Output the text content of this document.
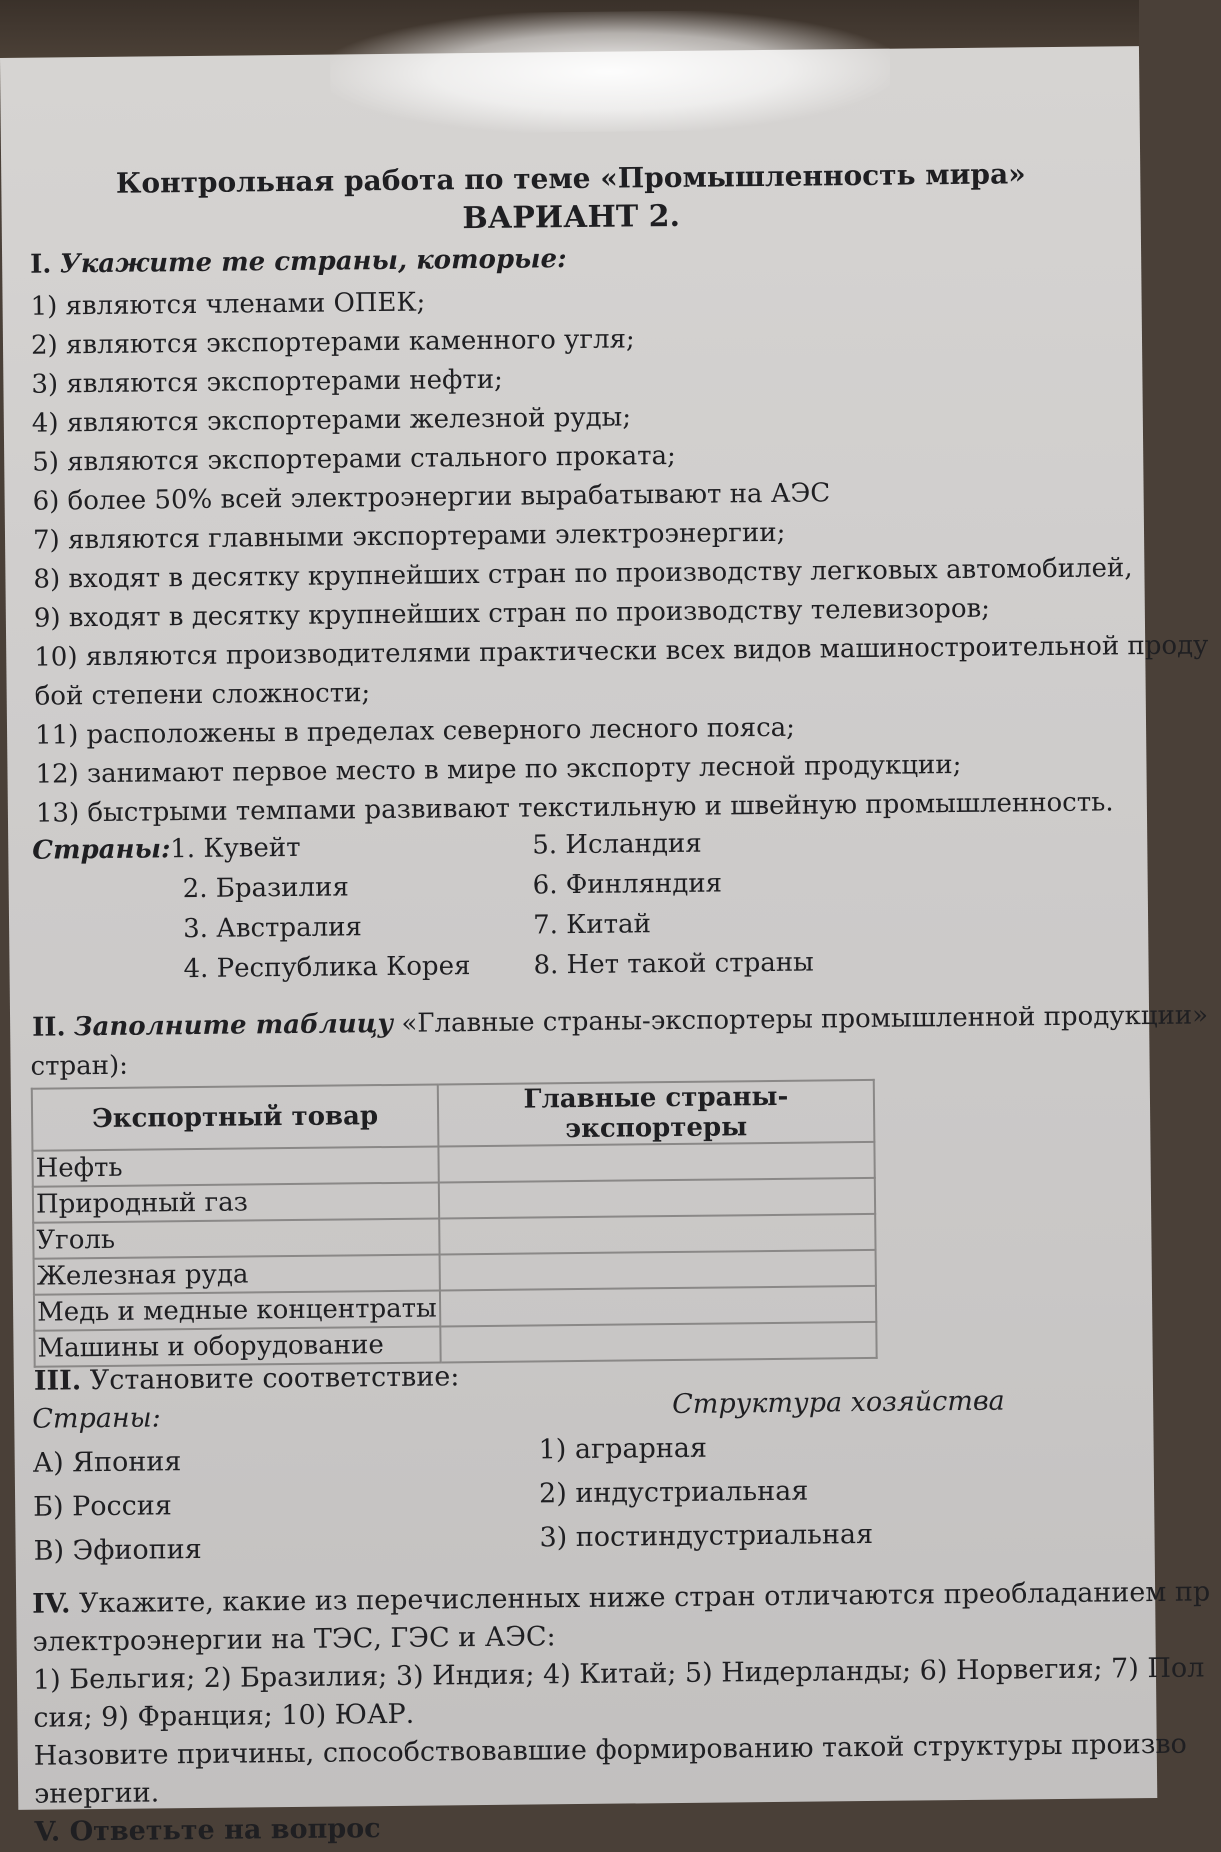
Контрольная работа по теме «Промышленность мира»
ВАРИАНТ 2.

I. Укажите те страны, которые:

1) являются членами ОПЕК;
2) являются экспортерами каменного угля;
3) являются экспортерами нефти;
4) являются экспортерами железной руды;
5) являются экспортерами стального проката;
6) более 50% всей электроэнергии вырабатывают на АЭС
7) являются главными экспортерами электроэнергии;
8) входят в десятку крупнейших стран по производству легковых автомобилей,
9) входят в десятку крупнейших стран по производству телевизоров;
10) являются производителями практически всех видов машиностроительной проду
бой степени сложности;
11) расположены в пределах северного лесного пояса;
12) занимают первое место в мире по экспорту лесной продукции;
13) быстрыми темпами развивают текстильную и швейную промышленность.
Страны: 1. Кувейт
2. Бразилия
3. Австралия
4. Республика Корея
5. Исландия
6. Финляндия
7. Китай
8. Нет такой страны

II. Заполните таблицу «Главные страны-экспортеры промышленной продукции»

стран):

Экспортный товар	Главные страны-экспортеры
Нефть	
Природный газ	
Уголь	
Железная руда	
Медь и медные концентраты	
Машины и оборудование	
III. Установите соответствие:
Структура хозяйства
Страны:
А) Япония
Б) Россия
В) Эфиопия
1) аграрная
2) индустриальная
3) постиндустриальная

IV. Укажите, какие из перечисленных ниже стран отличаются преобладанием пр

электроэнергии на ТЭС, ГЭС и АЭС:

1) Бельгия; 2) Бразилия; 3) Индия; 4) Китай; 5) Нидерланды; 6) Норвегия; 7) Пол

сия; 9) Франция; 10) ЮАР.

Назовите причины, способствовавшие формированию такой структуры произво

энергии.

V. Ответьте на вопрос
